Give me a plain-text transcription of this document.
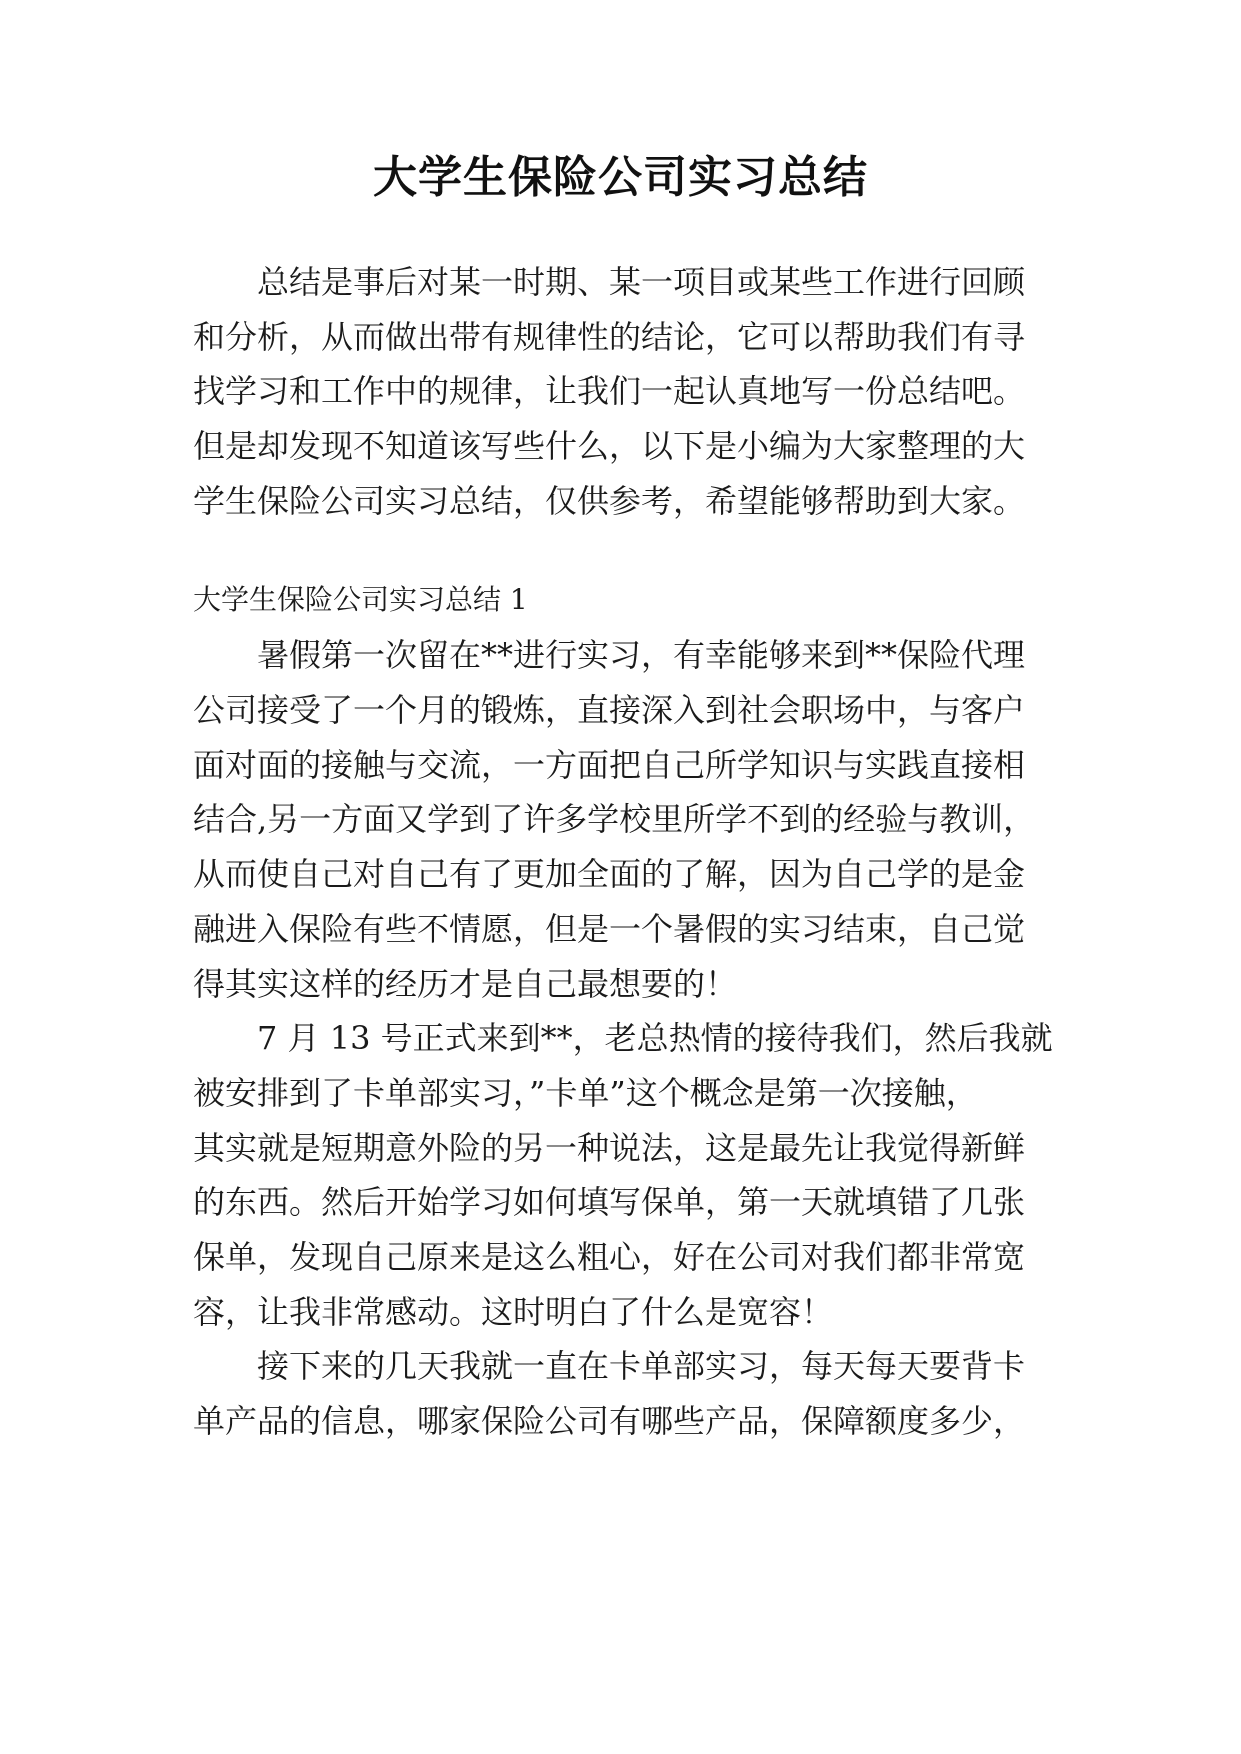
大学生保险公司实习总结
总结是事后对某一时期、某一项目或某些工作进行回顾
和分析，从而做出带有规律性的结论，它可以帮助我们有寻
找学习和工作中的规律，让我们一起认真地写一份总结吧。
但是却发现不知道该写些什么，以下是小编为大家整理的大
学生保险公司实习总结，仅供参考，希望能够帮助到大家。
大学生保险公司实习总结 1
暑假第一次留在**进行实习，有幸能够来到**保险代理
公司接受了一个月的锻炼，直接深入到社会职场中，与客户
面对面的接触与交流，一方面把自己所学知识与实践直接相
结合,另一方面又学到了许多学校里所学不到的经验与教训，
从而使自己对自己有了更加全面的了解，因为自己学的是金
融进入保险有些不情愿，但是一个暑假的实习结束，自己觉
得其实这样的经历才是自己最想要的！
7 月 13 号正式来到**，老总热情的接待我们，然后我就
被安排到了卡单部实习，”卡单”这个概念是第一次接触，
其实就是短期意外险的另一种说法，这是最先让我觉得新鲜
的东西。然后开始学习如何填写保单，第一天就填错了几张
保单，发现自己原来是这么粗心，好在公司对我们都非常宽
容，让我非常感动。这时明白了什么是宽容！
接下来的几天我就一直在卡单部实习，每天每天要背卡
单产品的信息，哪家保险公司有哪些产品，保障额度多少，
